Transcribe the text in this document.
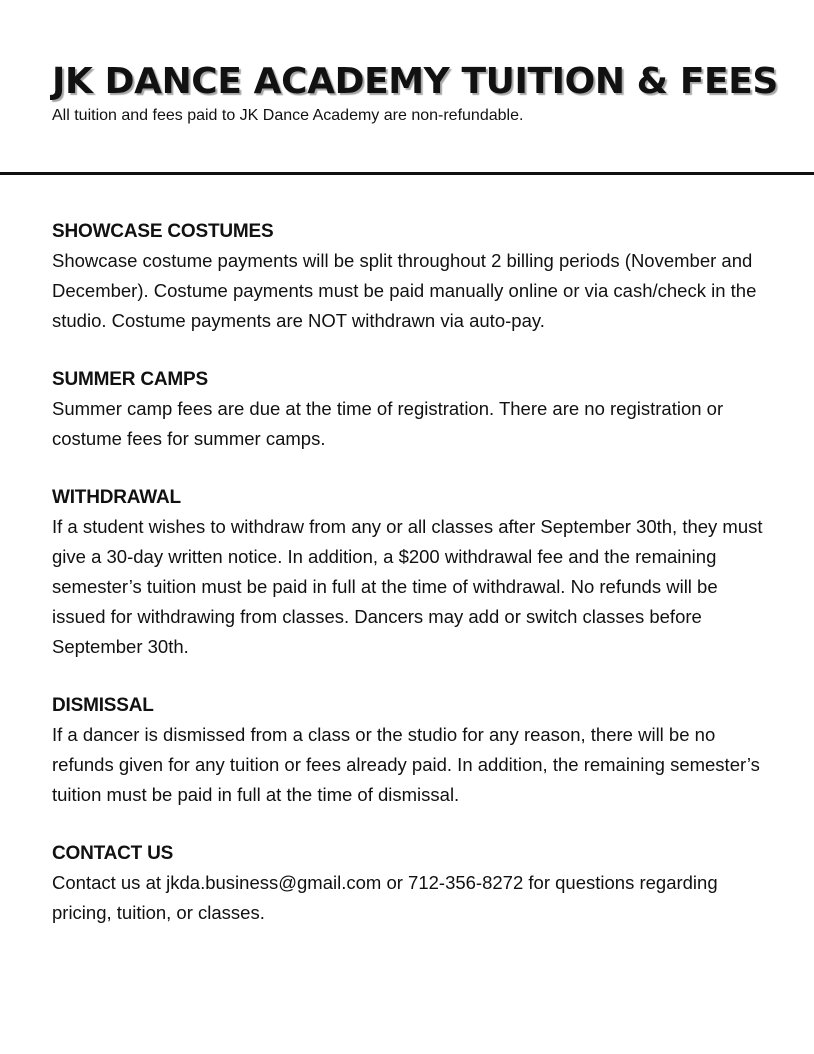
JK DANCE ACADEMY TUITION & FEES

All tuition and fees paid to JK Dance Academy are non-refundable.

SHOWCASE COSTUMES

Showcase costume payments will be split throughout 2 billing periods (November and December). Costume payments must be paid manually online or via cash/check in the studio. Costume payments are NOT withdrawn via auto-pay.

SUMMER CAMPS

Summer camp fees are due at the time of registration. There are no registration or costume fees for summer camps.

WITHDRAWAL

If a student wishes to withdraw from any or all classes after September 30th, they must give a 30-day written notice. In addition, a $200 withdrawal fee and the remaining semester’s tuition must be paid in full at the time of withdrawal. No refunds will be issued for withdrawing from classes. Dancers may add or switch classes before September 30th.

DISMISSAL

If a dancer is dismissed from a class or the studio for any reason, there will be no refunds given for any tuition or fees already paid. In addition, the remaining semester’s tuition must be paid in full at the time of dismissal.

CONTACT US

Contact us at jkda.business@gmail.com or 712-356-8272 for questions regarding pricing, tuition, or classes.
